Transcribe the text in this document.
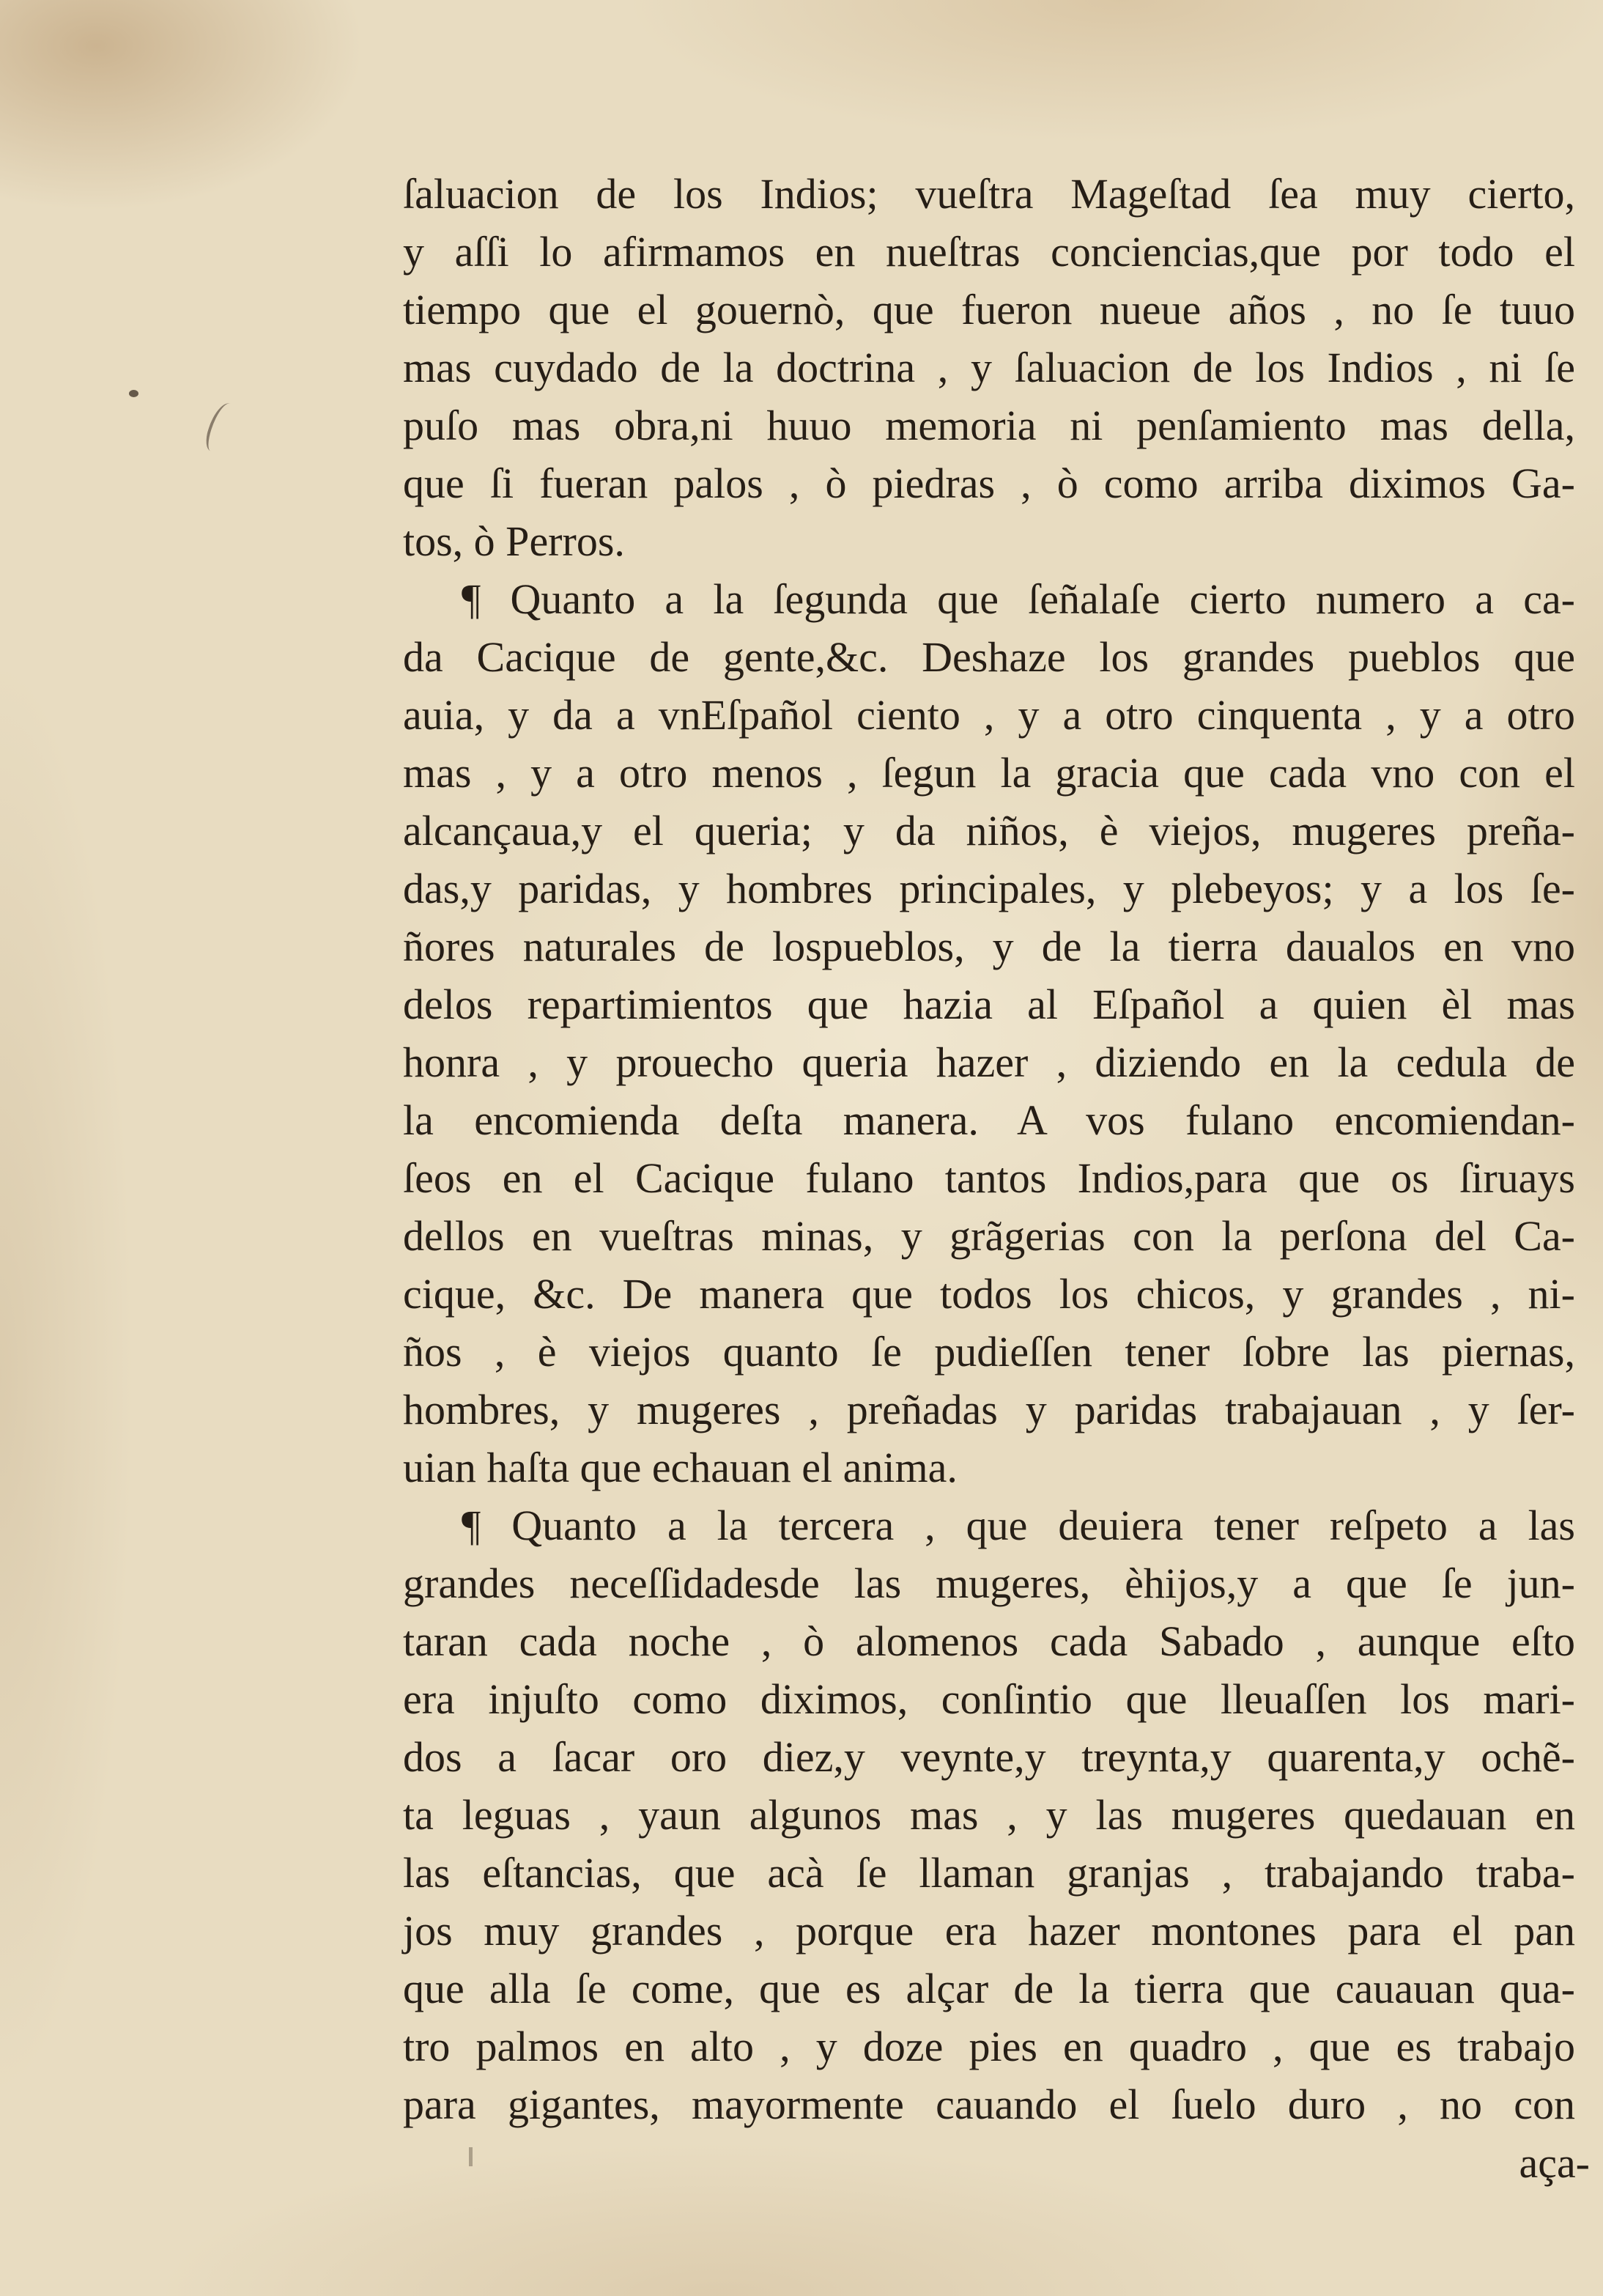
ſaluacion de los Indios; vueſtra Mageſtad ſea muy cierto,
y aſſi lo afirmamos en nueſtras conciencias,que por todo el
tiempo que el gouernò, que fueron nueue años , no ſe tuuo
mas cuydado de la doctrina , y ſaluacion de los Indios , ni ſe
puſo mas obra,ni huuo memoria ni penſamiento mas della,
que ſi fueran palos , ò piedras , ò como arriba diximos Ga-
tos, ò Perros.
¶ Quanto a la ſegunda que ſeñalaſe cierto numero a ca-
da Cacique de gente,&c. Deshaze los grandes pueblos que
auia, y da a vnEſpañol ciento , y a otro cinquenta , y a otro
mas , y a otro menos , ſegun la gracia que cada vno con el
alcançaua,y el queria; y da niños, è viejos, mugeres preña-
das,y paridas, y hombres principales, y plebeyos; y a los ſe-
ñores naturales de lospueblos, y de la tierra daualos en vno
delos repartimientos que hazia al Eſpañol a quien èl mas
honra , y prouecho queria hazer , diziendo en la cedula de
la encomienda deſta manera. A vos fulano encomiendan-
ſeos en el Cacique fulano tantos Indios,para que os ſiruays
dellos en vueſtras minas, y grãgerias con la perſona del Ca-
cique, &c. De manera que todos los chicos, y grandes , ni-
ños , è viejos quanto ſe pudieſſen tener ſobre las piernas,
hombres, y mugeres , preñadas y paridas trabajauan , y ſer-
uian haſta que echauan el anima.
¶ Quanto a la tercera , que deuiera tener reſpeto a las
grandes neceſſidadesde las mugeres, èhijos,y a que ſe jun-
taran cada noche , ò alomenos cada Sabado , aunque eſto
era injuſto como diximos, conſintio que lleuaſſen los mari-
dos a ſacar oro diez,y veynte,y treynta,y quarenta,y ochẽ-
ta leguas , yaun algunos mas , y las mugeres quedauan en
las eſtancias, que acà ſe llaman granjas , trabajando traba-
jos muy grandes , porque era hazer montones para el pan
que alla ſe come, que es alçar de la tierra que cauauan qua-
tro palmos en alto , y doze pies en quadro , que es trabajo
para gigantes, mayormente cauando el ſuelo duro , no con
aça-
